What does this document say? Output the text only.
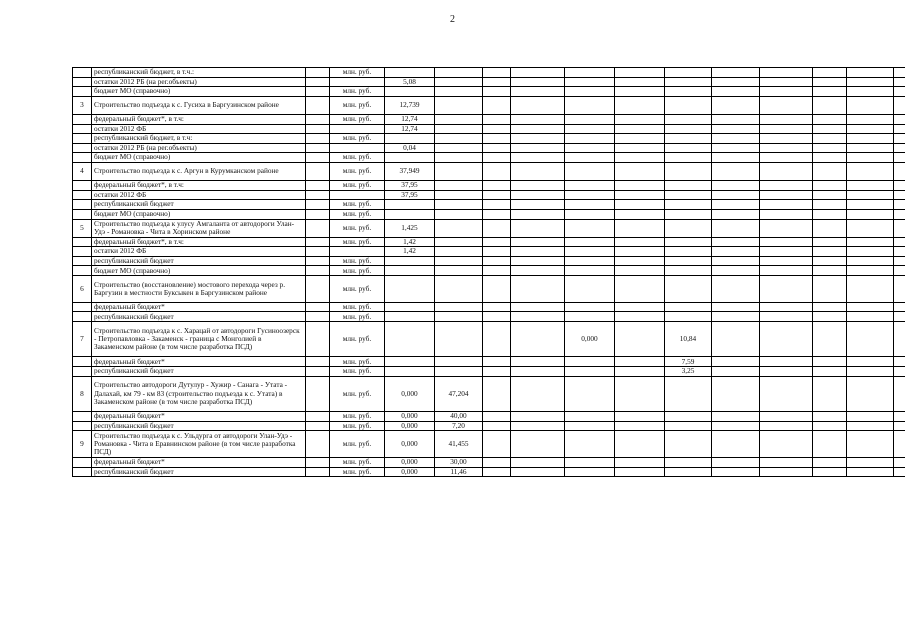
2
	республиканский бюджет, в т.ч.:		млн. руб.												
	остатки 2012 РБ (на рег.объекты)			5,08											
	бюджет МО (справочно)		млн. руб.												
3	Строительство подъезда к с. Гусиха в Баргузинском районе		млн. руб.	12,739											
	федеральный бюджет*, в т.ч:		млн. руб.	12,74											
	остатки 2012 ФБ			12,74											
	республиканский бюджет, в т.ч:		млн. руб.												
	остатки 2012 РБ (на рег.объекты)			0,04											
	бюджет МО (справочно)		млн. руб.												
4	Строительство подъезда к с. Аргун в Курумканском районе		млн. руб.	37,949											
	федеральный бюджет*, в т.ч:		млн. руб.	37,95											
	остатки 2012 ФБ			37,95											
	республиканский бюджет		млн. руб.												
	бюджет МО (справочно)		млн. руб.												
5	Строительство подъезда к улусу Амгаланта от автодороги Улан-Удэ - Романовка - Чита в Хоринском районе		млн. руб.	1,425											
	федеральный бюджет*, в т.ч:		млн. руб.	1,42											
	остатки 2012 ФБ			1,42											
	республиканский бюджет		млн. руб.												
	бюджет МО (справочно)		млн. руб.												
6	Строительство (восстановление) мостового перехода через р. Баргузин в местности Буксыкен в Баргузинском районе		млн. руб.												
	федеральный бюджет*		млн. руб.												
	республиканский бюджет		млн. руб.												
7	Строительство подъезда к с. Харацай от автодороги Гусиноозерск - Петропавловка - Закаменск - граница с Монголией в Закаменском районе (в том числе разработка ПСД)		млн. руб.					0,000		10,84					
	федеральный бюджет*		млн. руб.							7,59					
	республиканский бюджет		млн. руб.							3,25					
8	Строительство автодороги Дутулур - Хужир - Санага - Утата - Далахай, км 79 - км 83 (строительство подъезда к с. Утата) в Закаменском районе (в том числе разработка ПСД)		млн. руб.	0,000	47,204										
	федеральный бюджет*		млн. руб.	0,000	40,00										
	республиканский бюджет		млн. руб.	0,000	7,20										
9	Строительство подъезда к с. Ульдурга от автодороги Улан-Удэ - Романовка - Чита в Еравнинском районе (в том числе разработка ПСД)		млн. руб.	0,000	41,455										
	федеральный бюджет*		млн. руб.	0,000	30,00										
	республиканский бюджет		млн. руб.	0,000	11,46										
